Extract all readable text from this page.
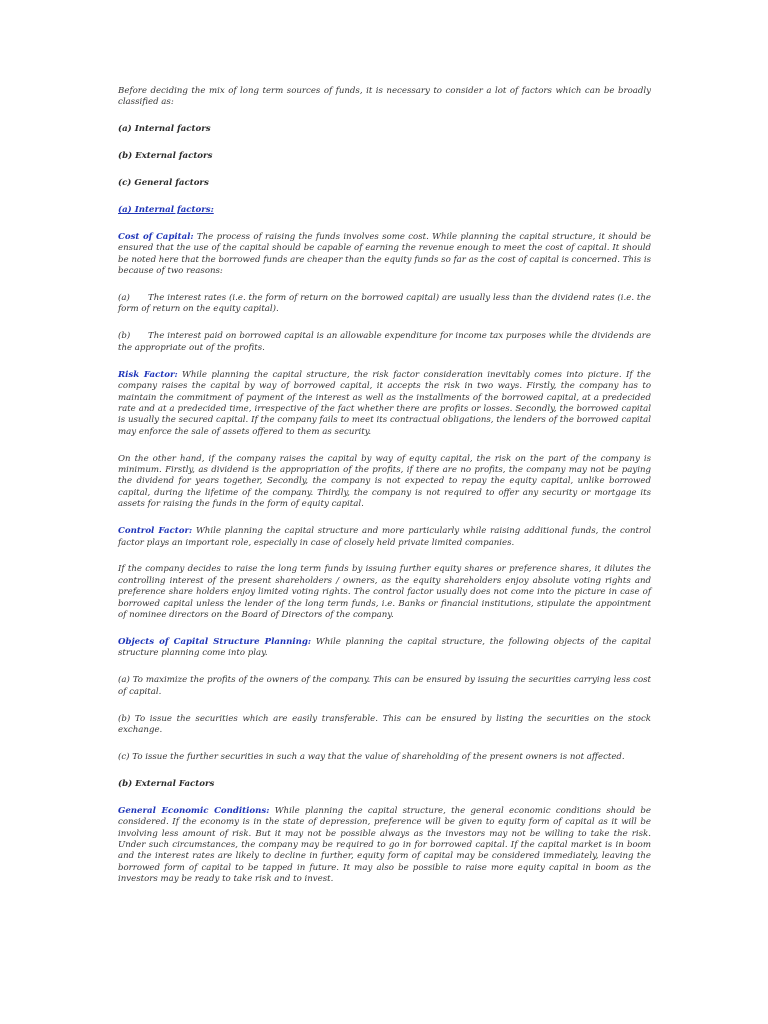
Before deciding the mix of long term sources of funds, it is necessary to consider a lot of factors which can be broadly classified as:

(a) Internal factors

(b) External factors

(c) General factors

(a) Internal factors:

Cost of Capital: The process of raising the funds involves some cost. While planning the capital structure, it should be ensured that the use of the capital should be capable of earning the revenue enough to meet the cost of capital. It should be noted here that the borrowed funds are cheaper than the equity funds so far as the cost of capital is concerned. This is because of two reasons:

(a) The interest rates (i.e. the form of return on the borrowed capital) are usually less than the dividend rates (i.e. the form of return on the equity capital).

(b) The interest paid on borrowed capital is an allowable expenditure for income tax purposes while the dividends are the appropriate out of the profits.

Risk Factor: While planning the capital structure, the risk factor consideration inevitably comes into picture. If the company raises the capital by way of borrowed capital, it accepts the risk in two ways. Firstly, the company has to maintain the commitment of payment of the interest as well as the installments of the borrowed capital, at a predecided rate and at a predecided time, irrespective of the fact whether there are profits or losses. Secondly, the borrowed capital is usually the secured capital. If the company fails to meet its contractual obligations, the lenders of the borrowed capital may enforce the sale of assets offered to them as security.

On the other hand, if the company raises the capital by way of equity capital, the risk on the part of the company is minimum. Firstly, as dividend is the appropriation of the profits, if there are no profits, the company may not be paying the dividend for years together, Secondly, the company is not expected to repay the equity capital, unlike borrowed capital, during the lifetime of the company. Thirdly, the company is not required to offer any security or mortgage its assets for raising the funds in the form of equity capital.

Control Factor: While planning the capital structure and more particularly while raising additional funds, the control factor plays an important role, especially in case of closely held private limited companies.

If the company decides to raise the long term funds by issuing further equity shares or preference shares, it dilutes the controlling interest of the present shareholders / owners, as the equity shareholders enjoy absolute voting rights and preference share holders enjoy limited voting rights. The control factor usually does not come into the picture in case of borrowed capital unless the lender of the long term funds, i.e. Banks or financial institutions, stipulate the appointment of nominee directors on the Board of Directors of the company.

Objects of Capital Structure Planning: While planning the capital structure, the following objects of the capital structure planning come into play.

(a) To maximize the profits of the owners of the company. This can be ensured by issuing the securities carrying less cost of capital.

(b) To issue the securities which are easily transferable. This can be ensured by listing the securities on the stock exchange.

(c) To issue the further securities in such a way that the value of shareholding of the present owners is not affected.

(b) External Factors

General Economic Conditions: While planning the capital structure, the general economic conditions should be considered. If the economy is in the state of depression, preference will be given to equity form of capital as it will be involving less amount of risk. But it may not be possible always as the investors may not be willing to take the risk. Under such circumstances, the company may be required to go in for borrowed capital. If the capital market is in boom and the interest rates are likely to decline in further, equity form of capital may be considered immediately, leaving the borrowed form of capital to be tapped in future. It may also be possible to raise more equity capital in boom as the investors may be ready to take risk and to invest.
